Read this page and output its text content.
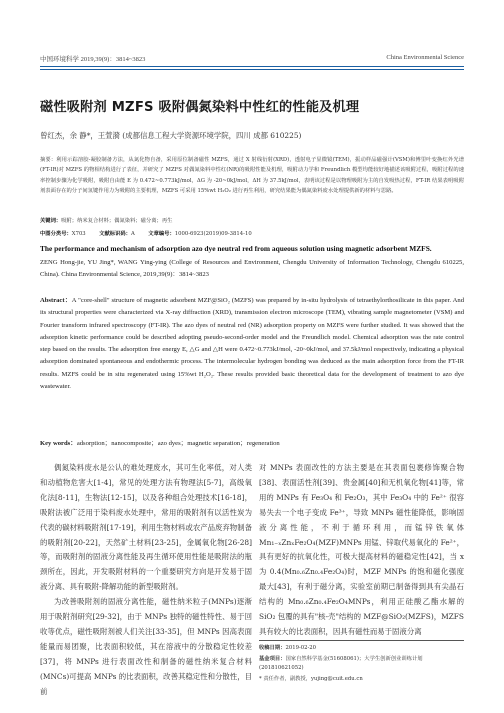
中国环境科学 2019,39(9)：3814~3823	China Environmental Science
磁性吸附剂 MZFS 吸附偶氮染料中性红的性能及机理
曾红杰，余 静*，王萱漪 (成都信息工程大学资源环境学院，四川 成都 610225)
摘要：利用示踪溶胶-凝胶制备方法，从氮化物自备，采用原位制备磁性 MZFS，通过 X 射线衍射(XRD)，透射电子显微镜(TEM)，振动样品磁强计(VSM)和傅里叶变换红外光谱(FT-IR)对 MZFS 的物相结构进行了表征，并研究了 MZFS 对偶氮染料中性红(NR)的吸附性能及机理，吸附动力学和 Freundlich 模型均能较好地描述该吸附过程，吸附过程的速率控制步骤为化学吸附，吸附自由能 E 为 0.472~0.773kJ/mol，ΔG 为 -20~0kJ/mol，ΔH 为 37.5kJ/mol，表明该过程是以物理吸附为主的自发吸热过程，FT-IR 结果表明吸附剂表面存在的分子间氢键作用力为吸附的主要机理，MZFS 可采用 15%wt H₂O₂ 进行再生利用，研究结果能为偶氮染料废水处理提供新的材料与思路。
关键词：吸附；纳米复合材料；偶氮染料；磁分离；再生
中图分类号：X703	文献标识码：A	文章编号：1000-6923(2019)09-3814-10
The performance and mechanism of adsorption azo dye neutral red from aqueous solution using magnetic adsorbent MZFS.
ZENG Hong-jie, YU Jing*, WANG Ying-ying (College of Resources and Environment, Chengdu University of Information Technology, Chengdu 610225, China). China Environmental Science, 2019,39(9)：3814~3823
Abstract：A "core-shell" structure of magnetic adsorbent MZF@SiO₂ (MZFS) was prepared by in-situ hydrolysis of tetraethylorthosilicate in this paper. And its structural properties were characterized via X-ray diffraction (XRD), transmission electron microscope (TEM), vibrating sample magnetometer (VSM) and Fourier transform infrared spectroscopy (FT-IR). The azo dyes of neutral red (NR) adsorption property on MZFS were further studied. It was showed that the adsorption kinetic performance could be described adopting pseudo-second-order model and the Freundlich model. Chemical adsorption was the rate control step based on the results. The adsorption free energy E, △G and △H were 0.472~0.773kJ/mol, -20~0kJ/mol, and 37.5kJ/mol respectively, indicating a physical adsorption dominated spontaneous and endothermic process. The intermolecular hydrogen bonding was deduced as the main adsorption force from the FT-IR results. MZFS could be in situ regenerated using 15%wt H₂O₂. These results provided basic theoretical data for the development of treatment to azo dye wastewater.
Key words：adsorption；nanocomposite；azo dyes；magnetic separation；regeneration

偶氮染料废水是公认的难处理废水，其可生化率低，对人类和动植物危害大[1-4]，常见的处理方法有物理法[5-7]，高级氧化法[8-11]，生物法[12-15]，以及各种组合处理技术[16-18]，吸附法被广泛用于染料废水处理中，常用的吸附剂有以活性炭为代表的碳材料吸附剂[17-19]，利用生物材料或农产品废弃物制备的吸附剂[20-22]，天然矿土材料[23-25]，金属氧化物[26-28]等，而吸附剂的固液分离性能及再生循环使用性能是吸附法的瓶颈所在，因此，开发吸附材料的一个重要研究方向是开发易于固液分离、具有吸附-降解功能的新型吸附剂。

为改善吸附剂的固液分离性能，磁性纳米粒子(MNPs)逐渐用于吸附剂研究[29-32]，由于 MNPs 独特的磁性特性、易于回收等优点，磁性吸附剂被人们关注[33-35]，但 MNPs 因高表面能量而易团聚，比表面积较低，其在溶液中的分散稳定性较差[37]，将 MNPs 进行表面改性和制备的磁性纳米复合材料(MNCs)可提高 MNPs 的比表面积，改善其稳定性和分散性，目前

对 MNPs 表面改性的方法主要是在其表面包裹修饰聚合物[38]、表面活性剂[39]、贵金属[40]和无机氧化物[41]等，常用的 MNPs 有 Fe₃O₄ 和 Fe₂O₃，其中 Fe₃O₄ 中的 Fe²⁺ 很容易失去一个电子变成 Fe³⁺，导致 MNPs 磁性能降低，影响固液分离性能，不利于循环利用，而锰锌铁氧体 Mn₁₋ₓZnₓFe₂O₄(MZF)MNPs 用锰、锌取代易氧化的 Fe²⁺，具有更好的抗氧化性，可极大提高材料的磁稳定性[42]，当 x 为 0.4(Mn₀.₆Zn₀.₄Fe₂O₄)时，MZF MNPs 的饱和磁化强度最大[43]，有利于磁分离，实验室前期已制备得到具有尖晶石结构的 Mn₀.₆Zn₀.₄Fe₂O₄MNPs，利用正硅酸乙酯水解的 SiO₂ 包覆的具有"核-壳"结构的 MZF@SiO₂(MZFS)，MZFS 具有较大的比表面积，因具有磁性而易于固液分离

收稿日期：2019-02-20
基金项目：国家自然科学基金(51608061)；大学生创新创业训练计划(201810621052)
* 责任作者，副教授，yujing@cuit.edu.cn
